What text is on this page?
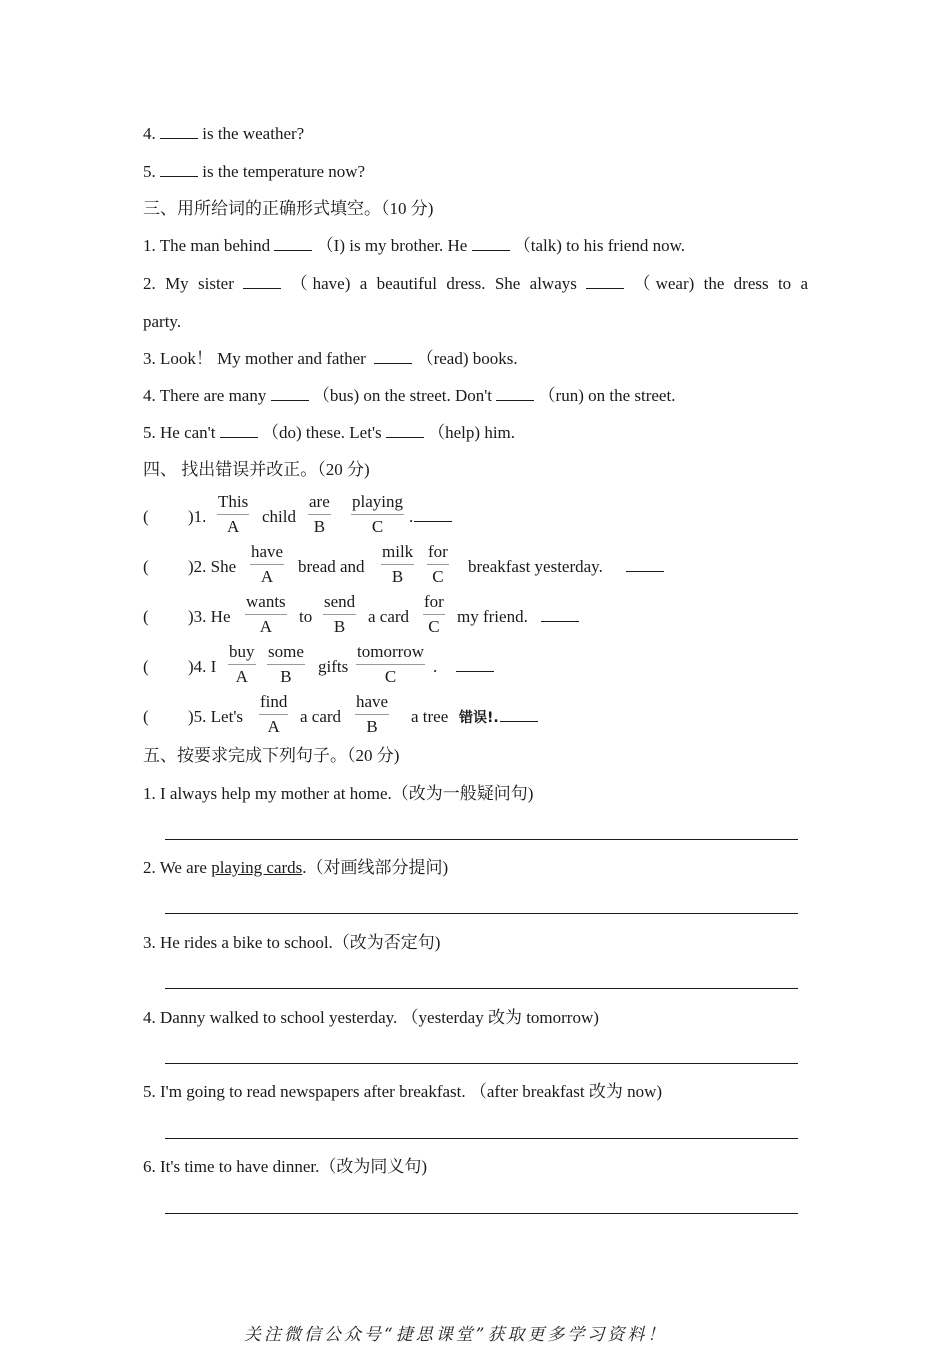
4.	is the weather?
5.	is the temperature now?
三、用所给词的正确形式填空。（10 分)
1. The man behind	（I) is my brother. He	（talk) to his friend now.
2. My sister	（have) a beautiful dress. She always	（wear) the dress to a
party.
3. Look！ My mother and father	（read) books.
4. There are many	（bus) on the street. Don't	（run) on the street.
5. He can't	（do) these. Let's	（help) him.
四、 找出错误并改正。（20 分)
( )1.
This
A
child
are
B
playing
C
.
( )2. She
have
A
bread and
milk
B
for
C
breakfast yesterday.
( )3. He
wants
A
to
send
B
a card
for
C
my friend.
( )4. I
buy
A
some
B
gifts
tomorrow
C
.
( )5. Let's
find
A
a card
have
B
a tree 错误!.
五、按要求完成下列句子。（20 分)
1. I always help my mother at home.（改为一般疑问句)
2. We are playing cards.（对画线部分提问)
3. He rides a bike to school.（改为否定句)
4. Danny walked to school yesterday. （yesterday 改为 tomorrow)
5. I'm going to read newspapers after breakfast. （after breakfast 改为 now)
6. It's time to have dinner.（改为同义句)
关注微信公众号“捷思课堂”获取更多学习资料！
